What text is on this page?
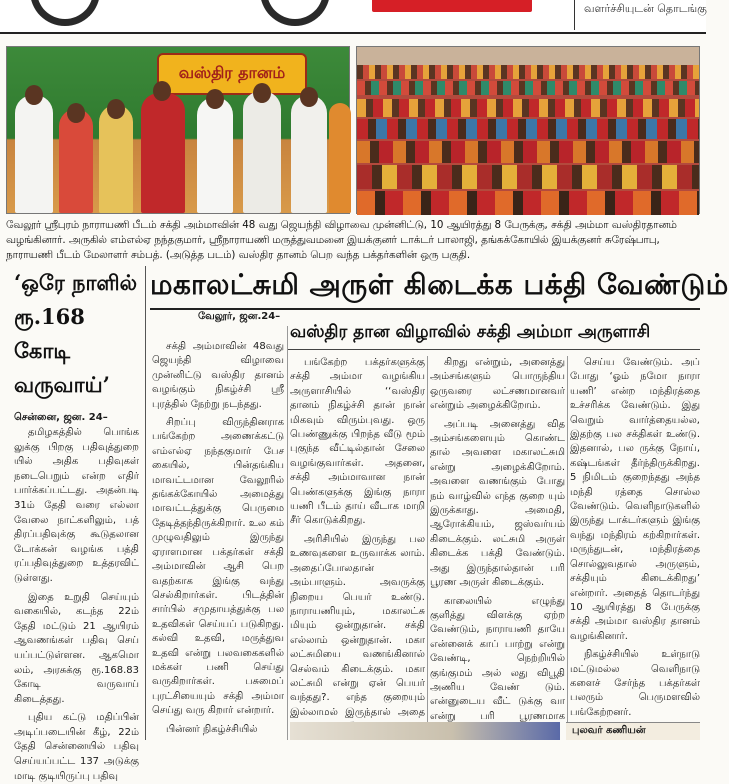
வளர்ச்சியுடன் தொடங்கு
வஸ்திர தானம்
வேலூர் ஸ்ரீபுரம் நாராயணி பீடம் சக்தி அம்மாவின் 48 வது ஜெயந்தி விழாவை முன்னிட்டு, 10 ஆயிரத்து 8 பேருக்கு, சக்தி அம்மா வஸ்திரதானம் வழங்கினார். அருகில் எம்எல்ஏ நந்தகுமார், ஸ்ரீநாராயணி மருத்துவமனை இயக்குனர் டாக்டர் பாலாஜி, தங்கக்கோயில் இயக்குனர் சுரேஷ்பாபு, நாராயணி பீடம் மேலாளர் சம்பத். (அடுத்த படம்) வஸ்திர தானம் பெற வந்த பக்தர்களின் ஒரு பகுதி.
‘ஒரே நாளில்
ரூ.168 கோடி
வருவாய்’
சென்னை, ஜன. 24–

தமிழகத்தில் பொங்க லுக்கு பிறகு பதிவுத்துறை யில் அதிக பதிவுகள் நடைபெறும் என்ற எதிர் பார்க்கப்பட்டது. அதன்படி 31ம் தேதி வரை எல்லா வேலை நாட்களிலும், பத் திரப்பதிவுக்கு கூடுதலான டோக்கன் வழங்க பத்தி ரப்பதிவுத்துறை உத்தரவிட் டுள்ளது.

இதை உறுதி செய்யும் வகையில், கடந்த 22ம் தேதி மட்டும் 21 ஆயிரம் ஆவணங்கள் பதிவு செய் யப்பட்டுள்ளன. ஆகமொ லம், அரசுக்கு ரூ.168.83 கோடி வருவாய் கிடைத்தது.

புதிய கட்டு மதிப்பின் அடிப்படையின் கீழ், 22ம் தேதி சென்னையில் பதிவு செய்யப்பட்ட 137 அடுக்கு மாடி குடியிருப்பு பதிவு

மகாலட்சுமி அருள் கிடைக்க பக்தி வேண்டும்
வேலூர், ஜன.24–
வஸ்திர தான விழாவில் சக்தி அம்மா அருளாசி

சக்தி அம்மாவின் 48வது ஜெயந்தி விழாவை முன்னிட்டு வஸ்திர தானம் வழங்கும் நிகழ்ச்சி ஸ்ரீ புரத்தில் நேற்று நடந்தது.

சிறப்பு விருந்தினராக பங்கேற்ற அணைக்கட்டு எம்எல்ஏ நந்தகுமார் பேச கையில், பின்தங்கிய மாவட்டமான வேலூரில் தங்கக்கோயில் அமைத்து மாவட்டத்துக்கு பெருமை தேடித்தந்திருக்கிறார். உல கம் முழுவதிலும் இருந்து ஏராளமான பக்தர்கள் சக்தி அம்மாவின் ஆசி பெற வதற்காக இங்கு வந்து செல்கிறார்கள். பிடத்தின் சார்பில் சமுதாயத்துக்கு பல உதவிகள் செய்யப் படுகிறது. கல்வி உதவி, மருத்துவ உதவி என்று பலவகைகளில் மக்கள் பணி செய்து வருகிறார்கள். பசுமைப் புரட்சியையும் சக்தி அம்மா செய்து வரு கிறார் என்றார்.

பின்னர் நிகழ்ச்சியில்

பங்கேற்ற பக்தர்களுக்கு சக்தி அம்மா வழங்கிய அருளாசியில் ‘‘வஸ்திர தானம் நிகழ்ச்சி தான் நான் மிகவும் விரும்புவது. ஒரு பெண்ணுக்கு பிறந்த வீடு மூம் புகுந்த வீட்டில்தான் சேலை வழங்குவார்கள். அதனை, சக்தி அம்மாவான நான் பெண்களுக்கு இங்கு நாரா யணி பீடம் தாய் வீடாக மாறி சீர் கொடுக்கிறது.

அரிசியில் இருந்து பல உணவுகளை உருவாக்க லாம். அதைப்போலதான் அம்பாளும். அவருக்கு நிறைய பெயர் உண்டு. நாராயணியும், மகாலட்சு மியும் ஒன்றுதான். சக்தி எல்லாம் ஒன்றுதான். மகா லட்சுமியை வணங்கினால் செல்வம் கிடைக்கும். மகா லட்சுமி என்று ஏன் பெயர் வந்தது?. எந்த குறையும் இல்லாமல் இருந்தால் அதை

கிறது என்றும், அனைத்து அம்சங்களும் பொருந்திய ஒருவரை லட்சணமானவர் என்றும் அழைக்கிறோம்.

அப்படி அனைத்து வித அம்சங்களையும் கொண்ட தால் அவளை மகாலட்சுமி என்று அழைக்கிறோம். அவளை வணங்கும் போது நம் வாழ்வில் எந்த குறை யும் இருக்காது. அமைதி, ஆரோக்கியம், ஜஸ்வர்யம் கிடைக்கும். லட்சுமி அருள் கிடைக்க பக்தி வேண்டும். அது இருந்தால்தான் பரி பூரண அருள் கிடைக்கும்.

காலையில் எழுந்து குளித்து விளக்கு ஏற்ற வேண்டும், நாராயணி தாயே என்னைக் காப் பாற்று என்று வேண்டி, நெற்றியில் குங்குமம் அல் லது விபூதி அணிய வேண் டும். என்னுடைய வீட் டுக்கு வா என்று பரி பூரணமாக

செய்ய வேண்டும். அப் போது ‘ஓம் நமோ நாரா யணி’ என்ற மந்திரத்தை உச்சரிக்க வேண்டும். இது வெறும் வார்த்தையல்ல, இதற்கு பல சக்திகள் உண்டு. இதனால், பல ருக்கு நோய், கஷ்டங்கள் தீர்ந்திருக்கிறது. 5 நிமிடம் குறைந்தது அந்த மந்தி ரத்தை சொல்ல வேண்டும். வெளிநாடுகளில் இருந்து டாக்டர்களும் இங்கு வந்து மந்திரம் கற்கிறார்கள். மருந்துடன், மந்திரத்தை சொல்லுவதால் அருளும், சக்தியும் கிடைக்கிறது’ என்றார். அதைத் தொடர்ந்து 10 ஆயிரத்து 8 பேருக்கு சக்தி அம்மா வஸ்திர தானம் வழங்கினார்.

நிகழ்ச்சியில் உள்நாடு மட்டுமல்ல வெளிநாடு களைச் சேர்ந்த பக்தர்கள் பலரும் பெருமளவில் பங்கேற்றனர்.

புலவர் கணியன்
